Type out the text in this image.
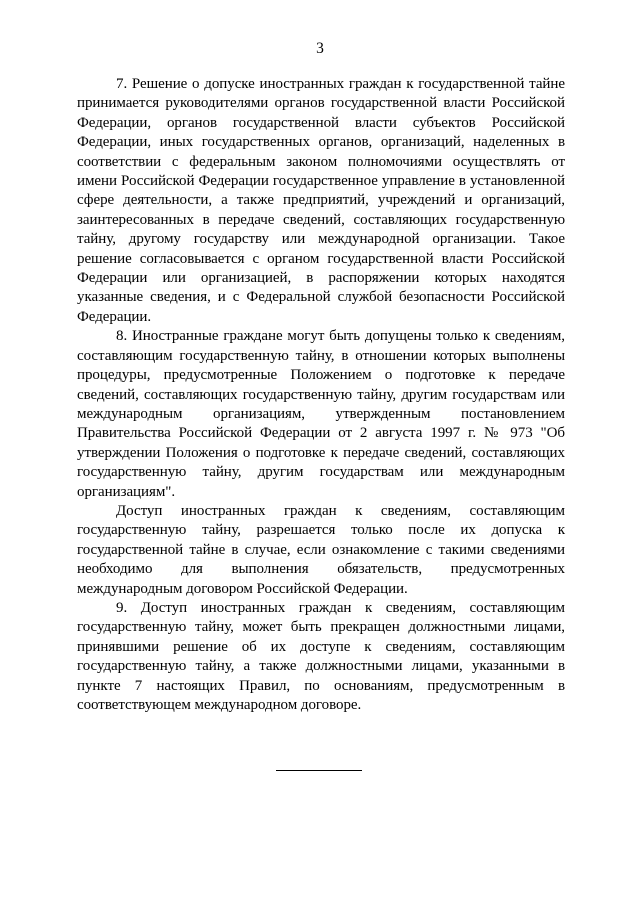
3

7. Решение о допуске иностранных граждан к государственной тайне принимается руководителями органов государственной власти Российской Федерации, органов государственной власти субъектов Российской Федерации, иных государственных органов, организаций, наделенных в соответствии с федеральным законом полномочиями осуществлять от имени Российской Федерации государственное управление в установленной сфере деятельности, а также предприятий, учреждений и организаций, заинтересованных в передаче сведений, составляющих государственную тайну, другому государству или международной организации. Такое решение согласовывается с органом государственной власти Российской Федерации или организацией, в распоряжении которых находятся указанные сведения, и с Федеральной службой безопасности Российской Федерации.

8. Иностранные граждане могут быть допущены только к сведениям, составляющим государственную тайну, в отношении которых выполнены процедуры, предусмотренные Положением о подготовке к передаче сведений, составляющих государственную тайну, другим государствам или международным организациям, утвержденным постановлением Правительства Российской Федерации от 2 августа 1997 г. № 973 "Об утверждении Положения о подготовке к передаче сведений, составляющих государственную тайну, другим государствам или международным организациям".

Доступ иностранных граждан к сведениям, составляющим государственную тайну, разрешается только после их допуска к государственной тайне в случае, если ознакомление с такими сведениями необходимо для выполнения обязательств, предусмотренных международным договором Российской Федерации.

9. Доступ иностранных граждан к сведениям, составляющим государственную тайну, может быть прекращен должностными лицами, принявшими решение об их доступе к сведениям, составляющим государственную тайну, а также должностными лицами, указанными в пункте 7 настоящих Правил, по основаниям, предусмотренным в соответствующем международном договоре.
